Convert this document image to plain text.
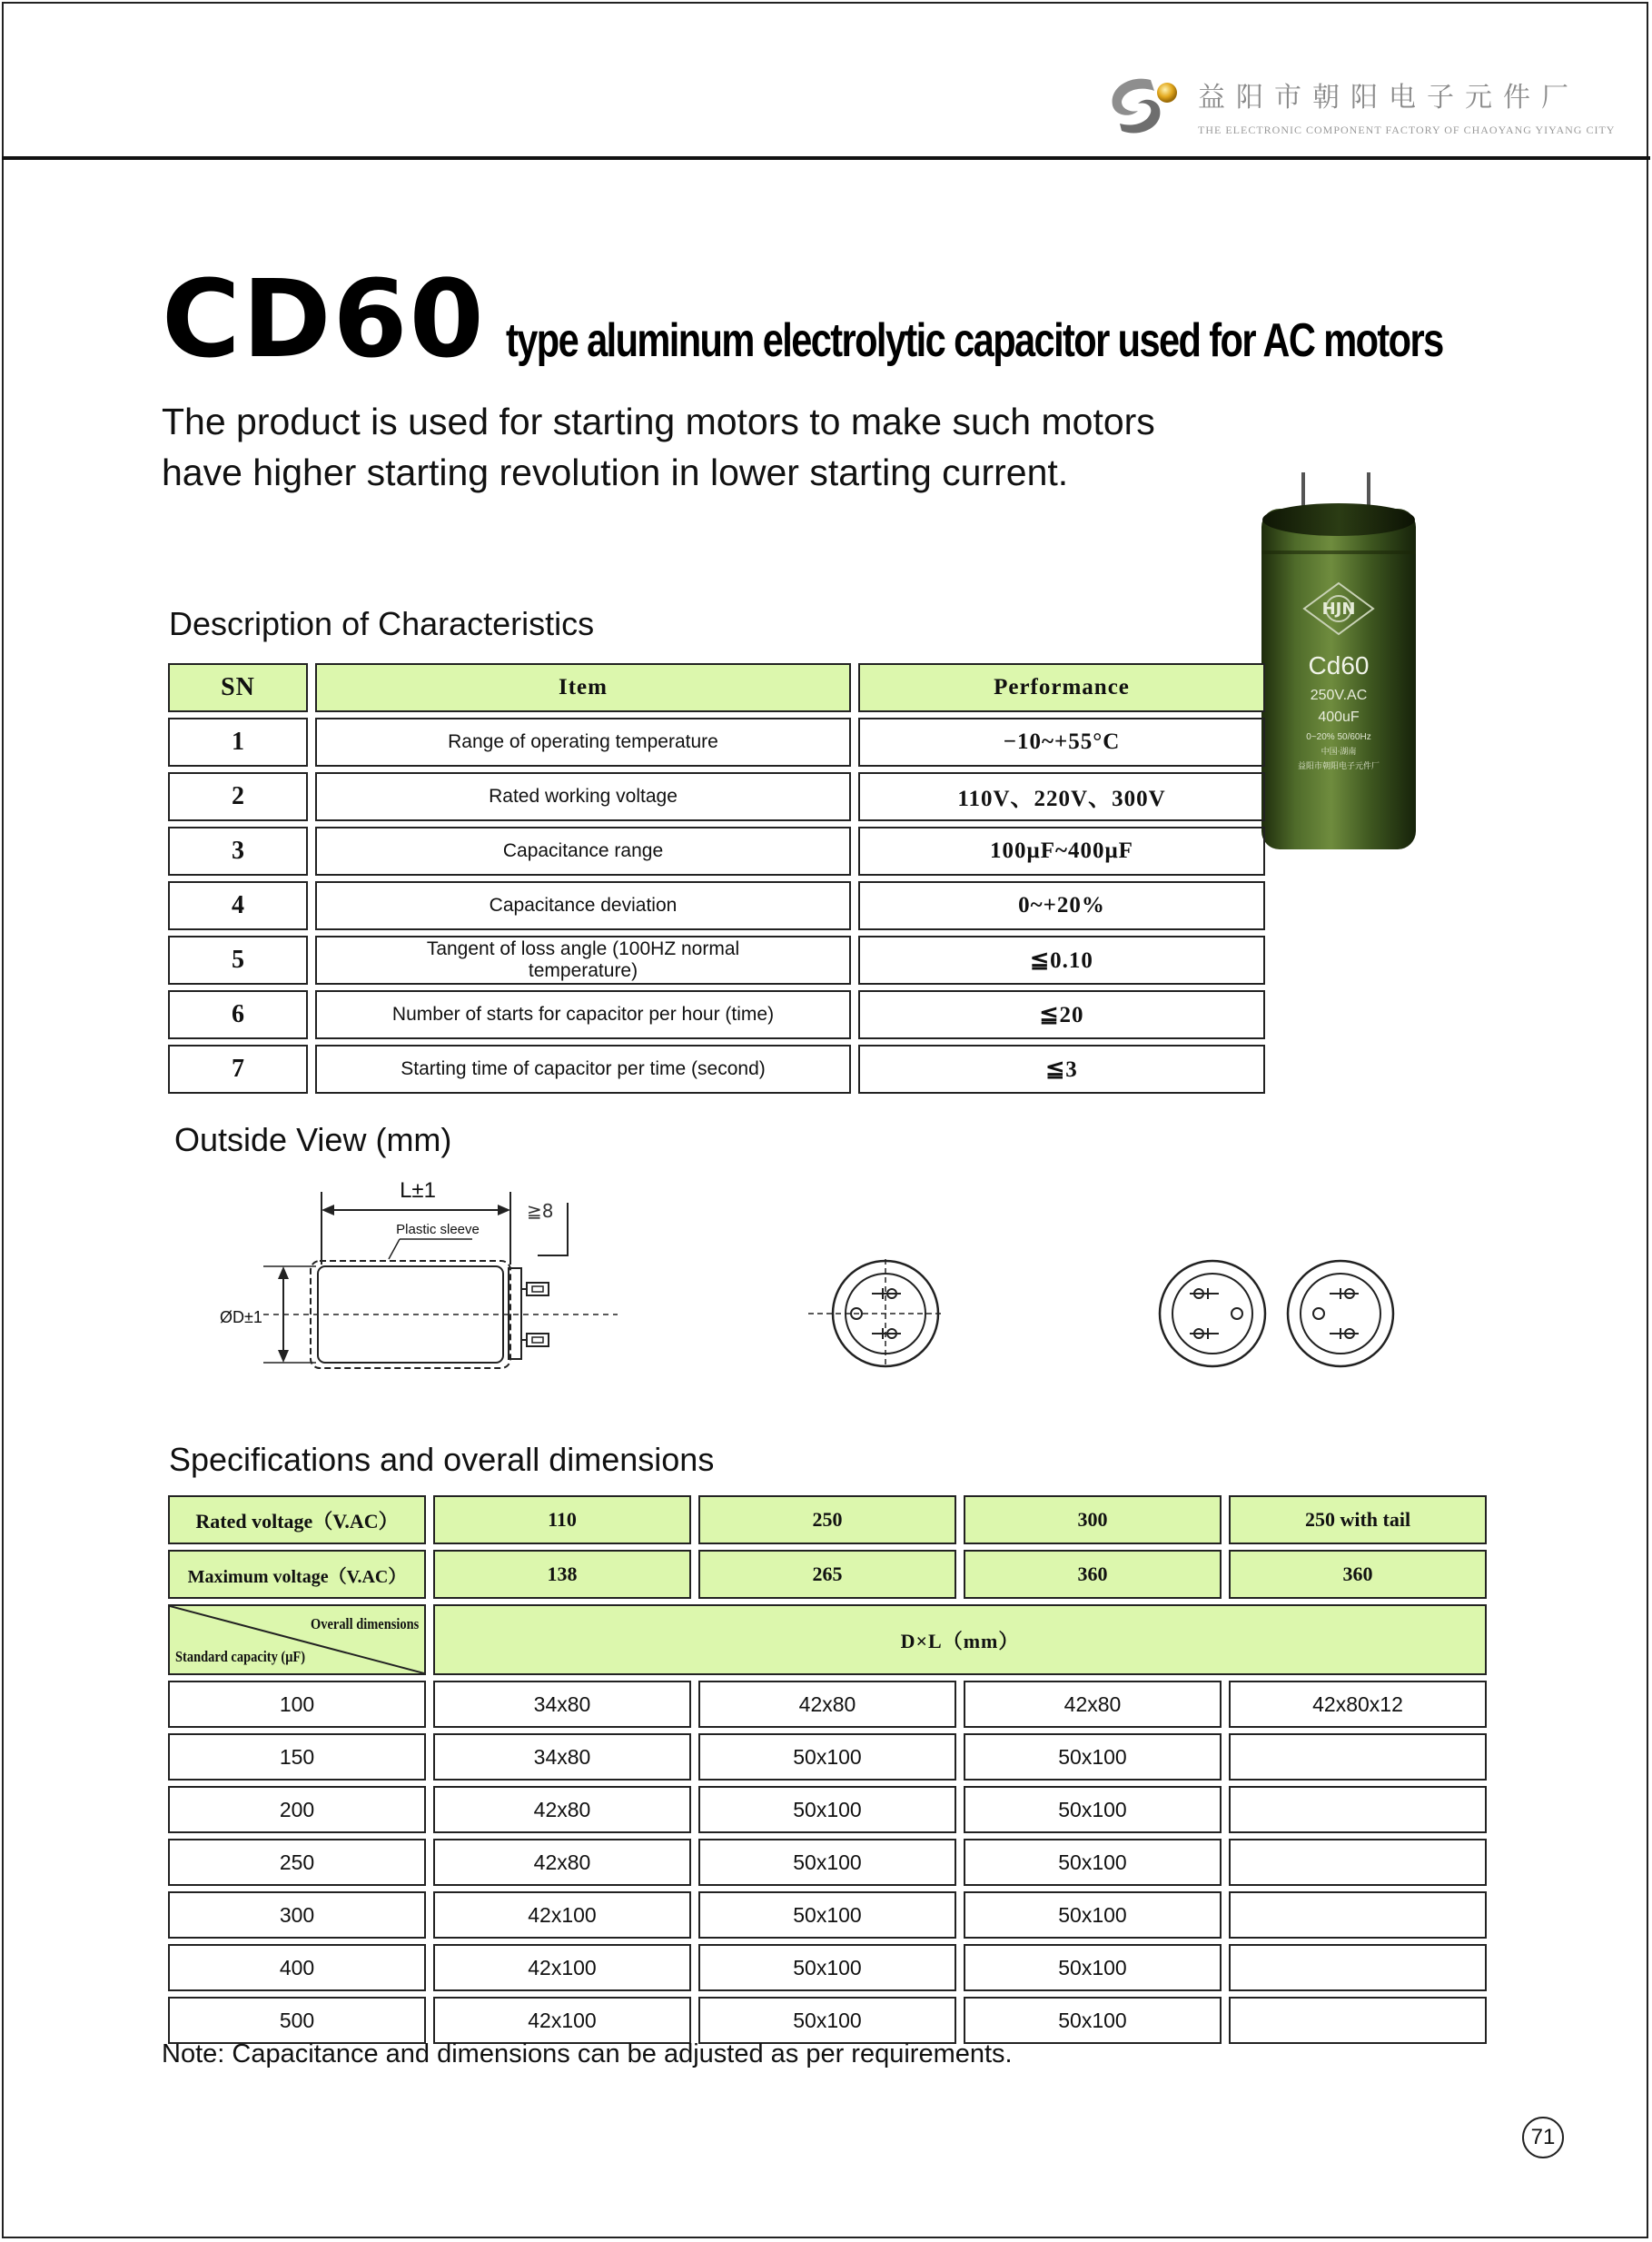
益阳市朝阳电子元件厂
THE ELECTRONIC COMPONENT FACTORY OF CHAOYANG YIYANG CITY
CD60 type aluminum electrolytic capacitor used for AC motors
The product is used for starting motors to make such motors
have higher starting revolution in lower starting current.
HJN
Cd60
250V.AC
400uF
0~20% 50/60Hz
中国·湖南
益阳市朝阳电子元件厂
Description of Characteristics
SN	Item	Performance
1	Range of operating temperature	−10~+55°C
2	Rated working voltage	110V、220V、300V
3	Capacitance range	100μF~400μF
4	Capacitance deviation	0~+20%
5	Tangent of loss angle (100HZ normal temperature)	≦0.10
6	Number of starts for capacitor per hour (time)	≦20
7	Starting time of capacitor per time (second)	≦3
Outside View (mm)
L±1
≧8
Plastic sleeve
ØD±1
Specifications and overall dimensions
Rated voltage（V.AC）	110	250	300	250 with tail
Maximum voltage（V.AC）	138	265	360	360

Overall dimensions
Standard capacity (μF)	D×L（mm）			
100	34x80	42x80	42x80	42x80x12
150	34x80	50x100	50x100	
200	42x80	50x100	50x100	
250	42x80	50x100	50x100	
300	42x100	50x100	50x100	
400	42x100	50x100	50x100	
500	42x100	50x100	50x100	
Note: Capacitance and dimensions can be adjusted as per requirements.
71
